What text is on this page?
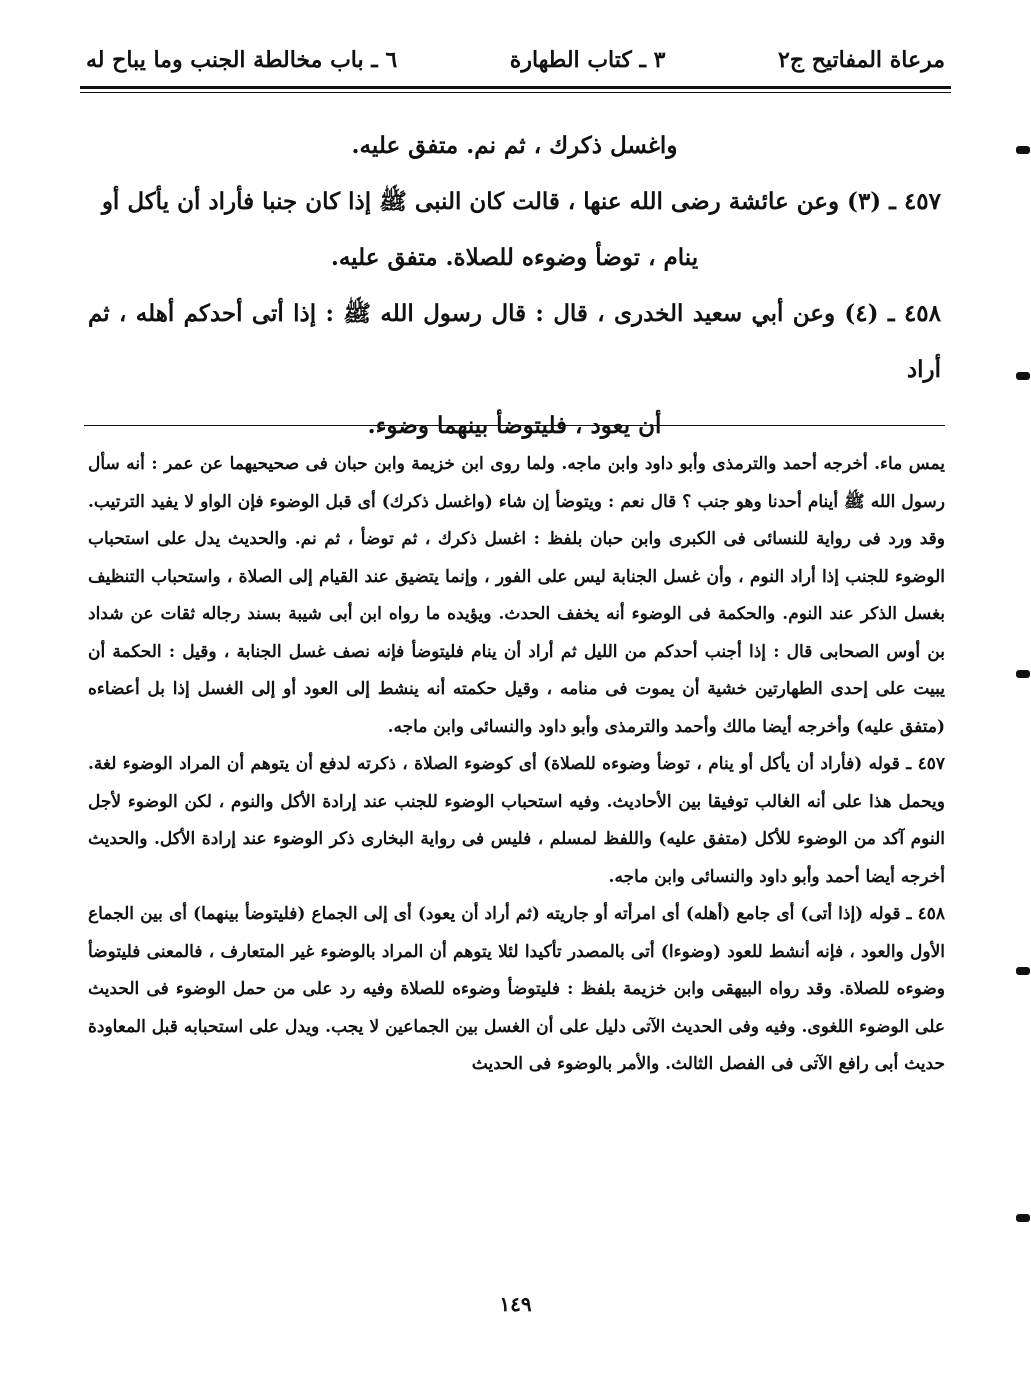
مرعاة المفاتيح ج٢
٣ ـ كتاب الطهارة
٦ ـ باب مخالطة الجنب وما يباح له

واغسل ذكرك ، ثم نم. متفق عليه.

٤٥٧ ـ (٣) وعن عائشة رضى الله عنها ، قالت كان النبى ﷺ إذا كان جنبا فأراد أن يأكل أو

ينام ، توضأ وضوءه للصلاة. متفق عليه.

٤٥٨ ـ (٤) وعن أبي سعيد الخدرى ، قال : قال رسول الله ﷺ : إذا أتى أحدكم أهله ، ثم أراد

أن يعود ، فليتوضأ بينهما وضوء.

يمس ماء. أخرجه أحمد والترمذى وأبو داود وابن ماجه. ولما روى ابن خزيمة وابن حبان فى صحيحيهما عن عمر : أنه سأل رسول الله ﷺ أينام أحدنا وهو جنب ؟ قال نعم : ويتوضأ إن شاء (واغسل ذكرك) أى قبل الوضوء فإن الواو لا يفيد الترتيب. وقد ورد فى رواية للنسائى فى الكبرى وابن حبان بلفظ : اغسل ذكرك ، ثم توضأ ، ثم نم. والحديث يدل على استحباب الوضوء للجنب إذا أراد النوم ، وأن غسل الجنابة ليس على الفور ، وإنما يتضيق عند القيام إلى الصلاة ، واستحباب التنظيف بغسل الذكر عند النوم. والحكمة فى الوضوء أنه يخفف الحدث. ويؤيده ما رواه ابن أبى شيبة بسند رجاله ثقات عن شداد بن أوس الصحابى قال : إذا أجنب أحدكم من الليل ثم أراد أن ينام فليتوضأ فإنه نصف غسل الجنابة ، وقيل : الحكمة أن يبيت على إحدى الطهارتين خشية أن يموت فى منامه ، وقيل حكمته أنه ينشط إلى العود أو إلى الغسل إذا بل أعضاءه (متفق عليه) وأخرجه أيضا مالك وأحمد والترمذى وأبو داود والنسائى وابن ماجه.

٤٥٧ ـ قوله (فأراد أن يأكل أو ينام ، توضأ وضوءه للصلاة) أى كوضوء الصلاة ، ذكرته لدفع أن يتوهم أن المراد الوضوء لغة. ويحمل هذا على أنه الغالب توفيقا بين الأحاديث. وفيه استحباب الوضوء للجنب عند إرادة الأكل والنوم ، لكن الوضوء لأجل النوم آكد من الوضوء للأكل (متفق عليه) واللفظ لمسلم ، فليس فى رواية البخارى ذكر الوضوء عند إرادة الأكل. والحديث أخرجه أيضا أحمد وأبو داود والنسائى وابن ماجه.

٤٥٨ ـ قوله (إذا أتى) أى جامع (أهله) أى امرأته أو جاريته (ثم أراد أن يعود) أى إلى الجماع (فليتوضأ بينهما) أى بين الجماع الأول والعود ، فإنه أنشط للعود (وضوءا) أتى بالمصدر تأكيدا لئلا يتوهم أن المراد بالوضوء غير المتعارف ، فالمعنى فليتوضأ وضوءه للصلاة. وقد رواه البيهقى وابن خزيمة بلفظ : فليتوضأ وضوءه للصلاة وفيه رد على من حمل الوضوء فى الحديث على الوضوء اللغوى. وفيه وفى الحديث الآتى دليل على أن الغسل بين الجماعين لا يجب. ويدل على استحبابه قبل المعاودة حديث أبى رافع الآتى فى الفصل الثالث. والأمر بالوضوء فى الحديث

١٤٩
